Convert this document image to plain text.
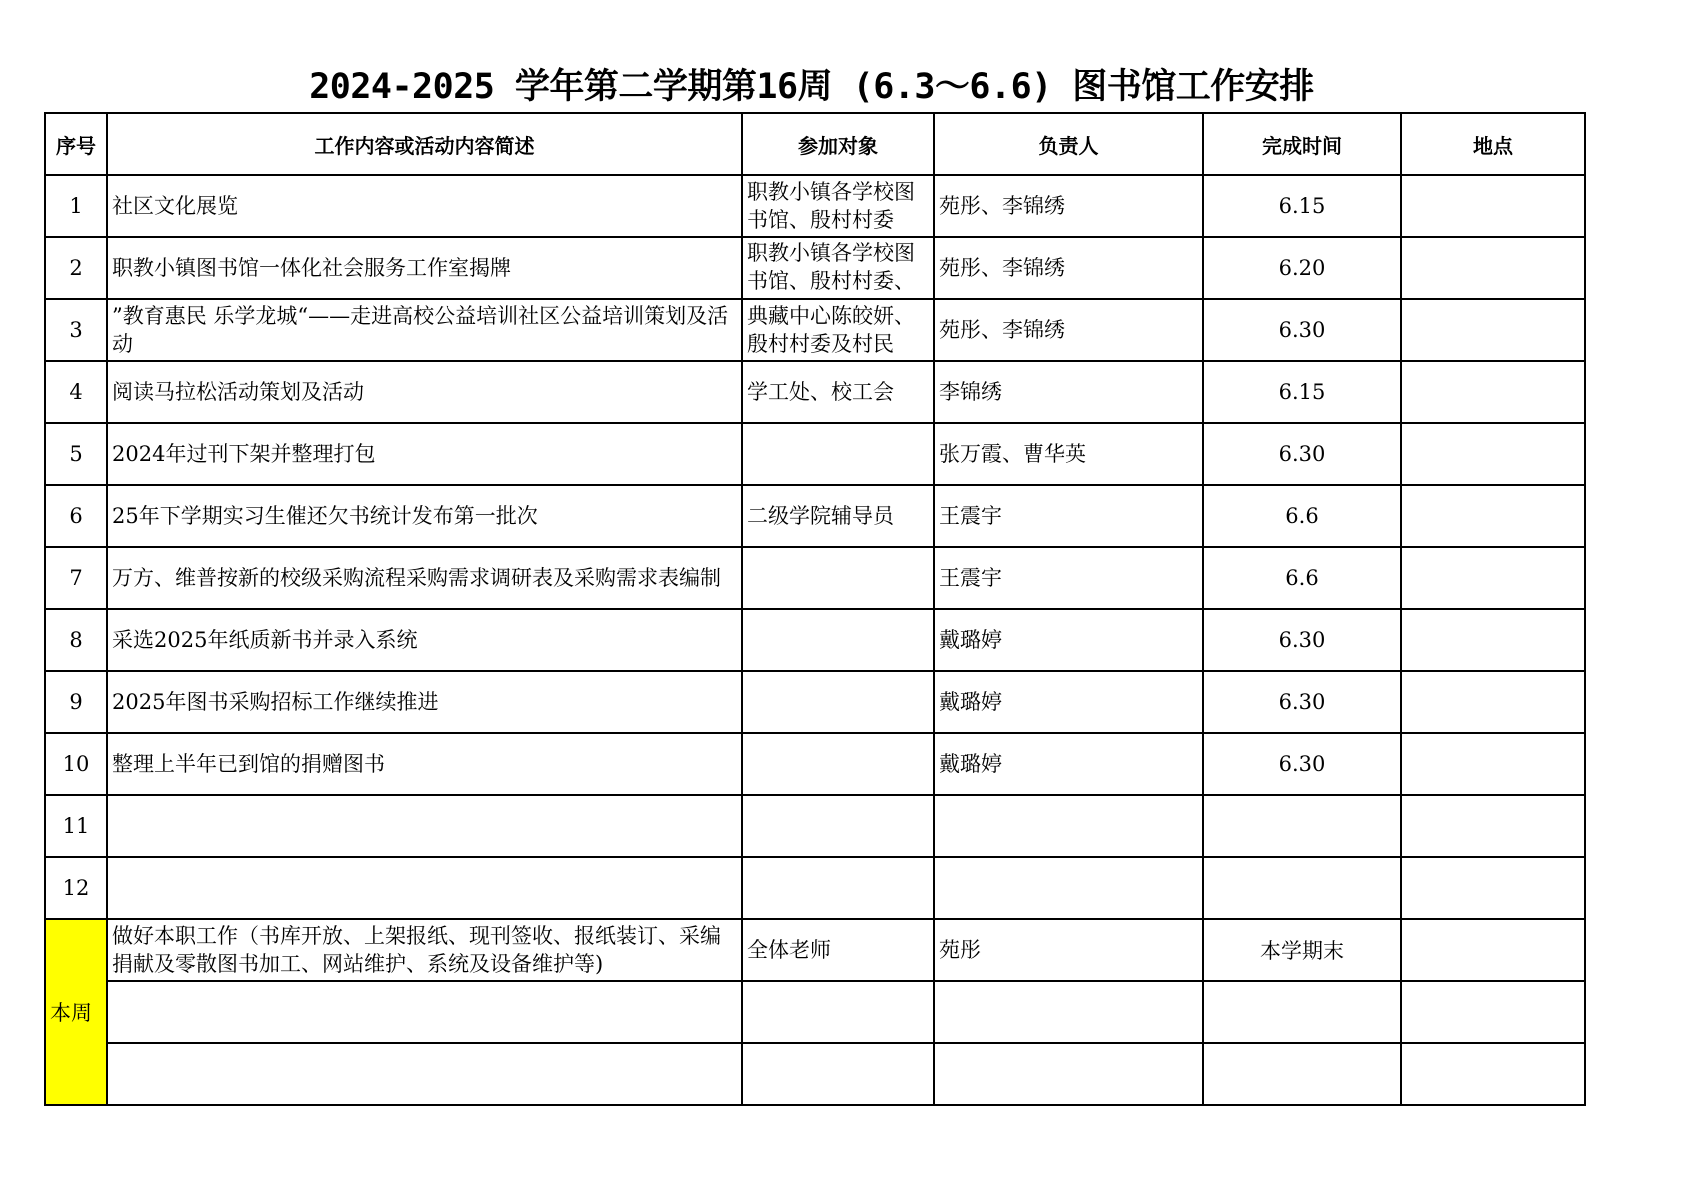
2024-2025 学年第二学期第16周 (6.3～6.6) 图书馆工作安排
序号	工作内容或活动内容简述	参加对象	负责人	完成时间	地点
1	社区文化展览	职教小镇各学校图书馆、殷村村委	苑彤、李锦绣	6.15	
2	职教小镇图书馆一体化社会服务工作室揭牌	职教小镇各学校图书馆、殷村村委、	苑彤、李锦绣	6.20	
3	”教育惠民 乐学龙城“——走进高校公益培训社区公益培训策划及活动	典藏中心陈皎妍、殷村村委及村民	苑彤、李锦绣	6.30	
4	阅读马拉松活动策划及活动	学工处、校工会	李锦绣	6.15	
5	2024年过刊下架并整理打包		张万霞、曹华英	6.30	
6	25年下学期实习生催还欠书统计发布第一批次	二级学院辅导员	王震宇	6.6	
7	万方、维普按新的校级采购流程采购需求调研表及采购需求表编制		王震宇	6.6	
8	采选2025年纸质新书并录入系统		戴璐婷	6.30	
9	2025年图书采购招标工作继续推进		戴璐婷	6.30	
10	整理上半年已到馆的捐赠图书		戴璐婷	6.30	
11		

12		

本周	做好本职工作（书库开放、上架报纸、现刊签收、报纸装订、采编捐献及零散图书加工、网站维护、系统及设备维护等)	全体老师	苑彤	本学期末	
